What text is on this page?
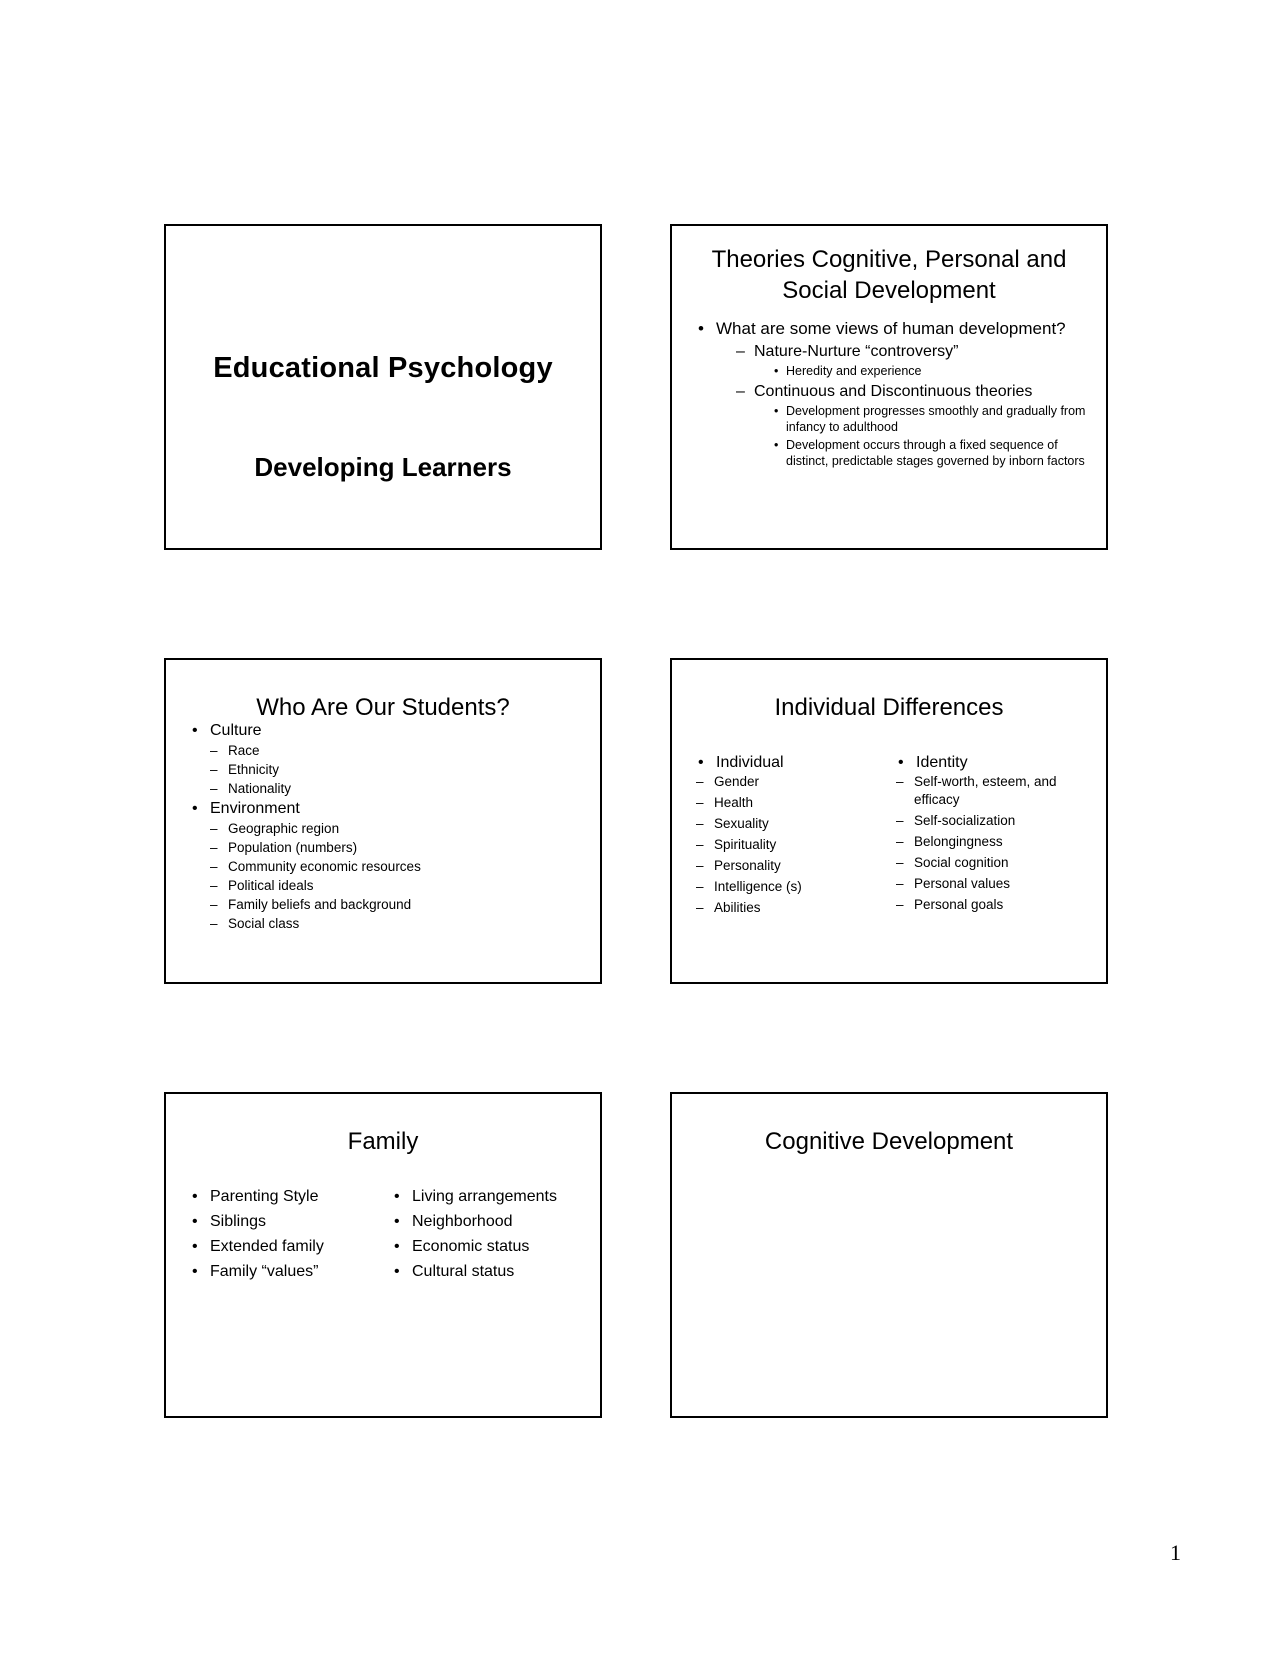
Educational Psychology
Developing Learners
Theories Cognitive, Personal and
Social Development
• What are some views of human development?
– Nature-Nurture “controversy”
• Heredity and experience
– Continuous and Discontinuous theories
• Development progresses smoothly and gradually from infancy to adulthood
• Development occurs through a fixed sequence of distinct, predictable stages governed by inborn factors
Who Are Our Students?
• Culture
– Race
– Ethnicity
– Nationality
• Environment
– Geographic region
– Population (numbers)
– Community economic resources
– Political ideals
– Family beliefs and background
– Social class
Individual Differences
• Individual
– Gender
– Health
– Sexuality
– Spirituality
– Personality
– Intelligence (s)
– Abilities
• Identity
– Self-worth, esteem, and efficacy
– Self-socialization
– Belongingness
– Social cognition
– Personal values
– Personal goals
Family
• Parenting Style
• Siblings
• Extended family
• Family “values”
• Living arrangements
• Neighborhood
• Economic status
• Cultural status
Cognitive Development
1
